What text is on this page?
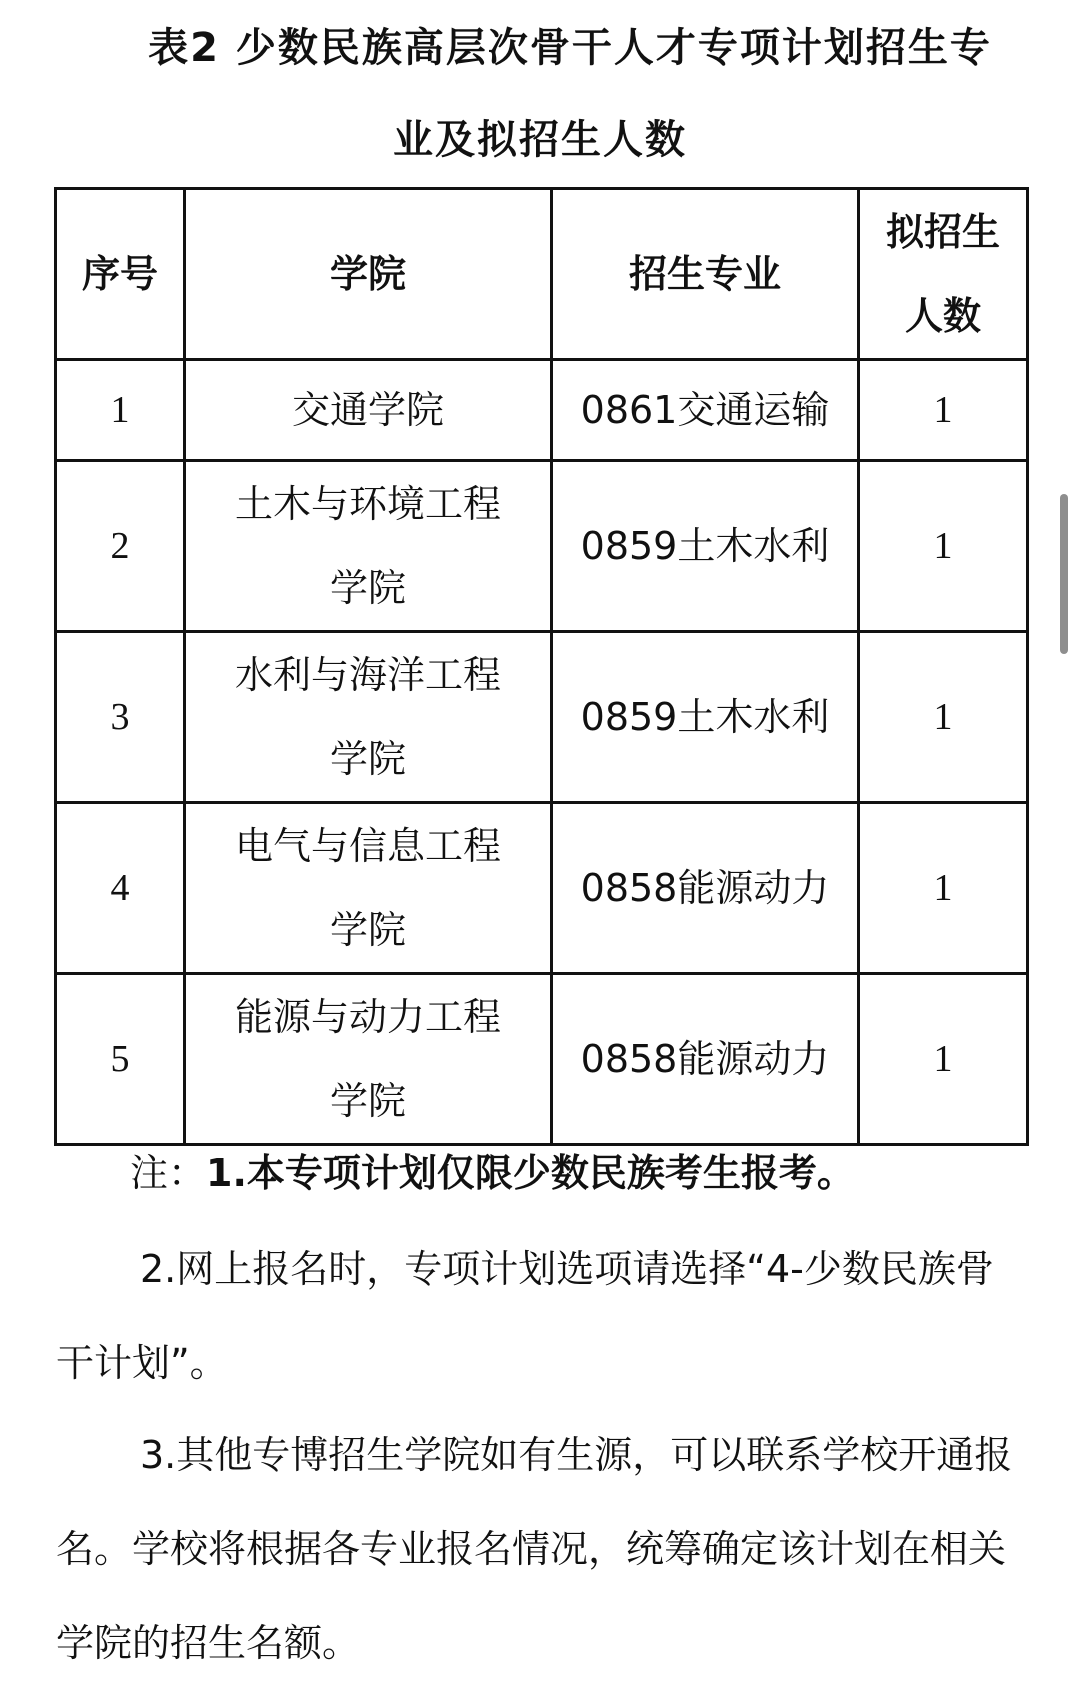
表2 少数民族高层次骨干人才专项计划招生专
业及拟招生人数
序号	学院	招生专业	拟招生人数
1	交通学院	0861交通运输	1
2	土木与环境工程学院	0859土木水利	1
3	水利与海洋工程学院	0859土木水利	1
4	电气与信息工程学院	0858能源动力	1
5	能源与动力工程学院	0858能源动力	1
注：1.本专项计划仅限少数民族考生报考。
2.网上报名时，专项计划选项请选择“4-少数民族骨干计划”。
3.其他专博招生学院如有生源，可以联系学校开通报名。学校将根据各专业报名情况，统筹确定该计划在相关学院的招生名额。
